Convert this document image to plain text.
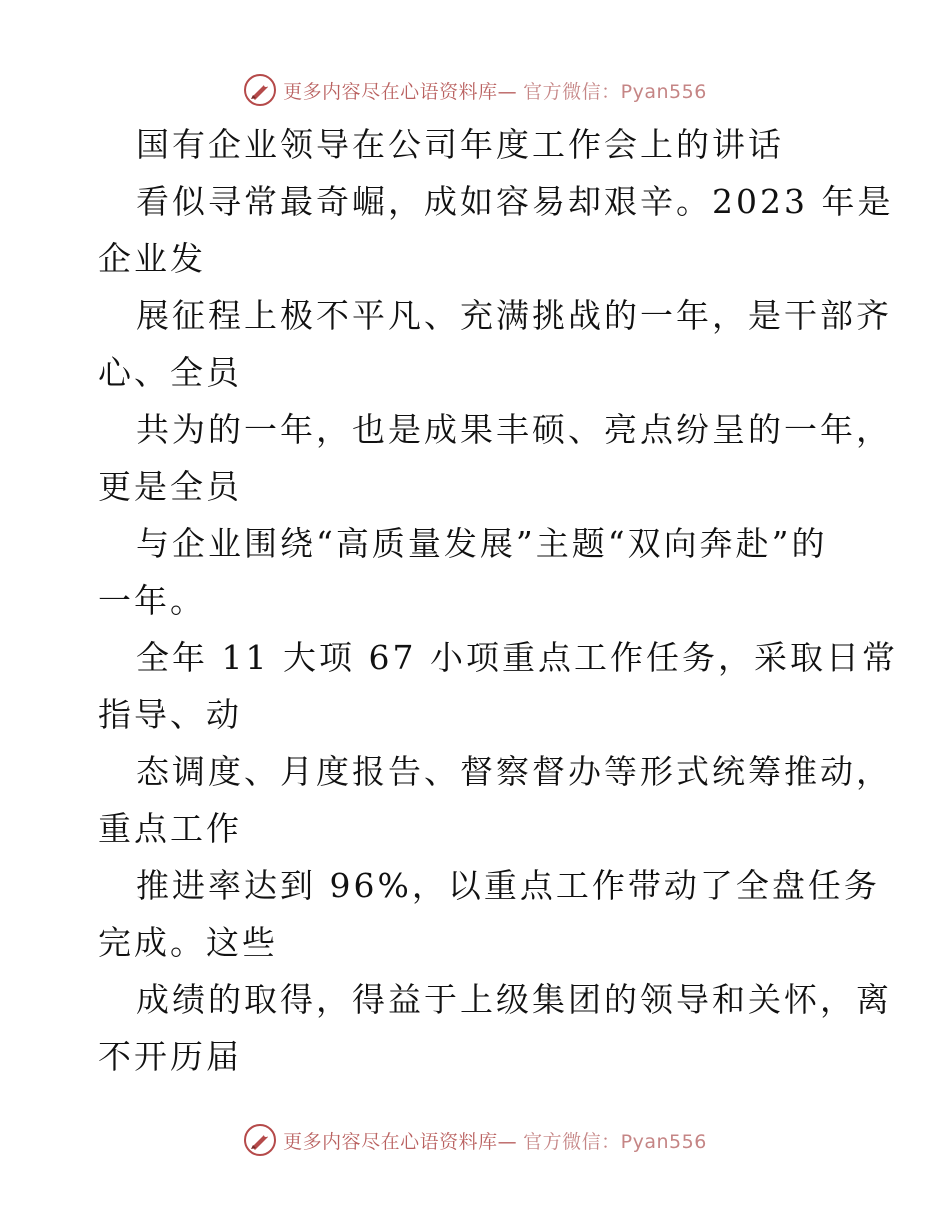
更多内容尽在心语资料库— 官方微信：Pyan556
国有企业领导在公司年度工作会上的讲话
看似寻常最奇崛，成如容易却艰辛。2023 年是
企业发
展征程上极不平凡、充满挑战的一年，是干部齐
心、全员
共为的一年，也是成果丰硕、亮点纷呈的一年，
更是全员
与企业围绕“高质量发展”主题“双向奔赴”的
一年。
全年 11 大项 67 小项重点工作任务，采取日常
指导、动
态调度、月度报告、督察督办等形式统筹推动，
重点工作
推进率达到 96%，以重点工作带动了全盘任务
完成。这些
成绩的取得，得益于上级集团的领导和关怀，离
不开历届
更多内容尽在心语资料库— 官方微信：Pyan556
